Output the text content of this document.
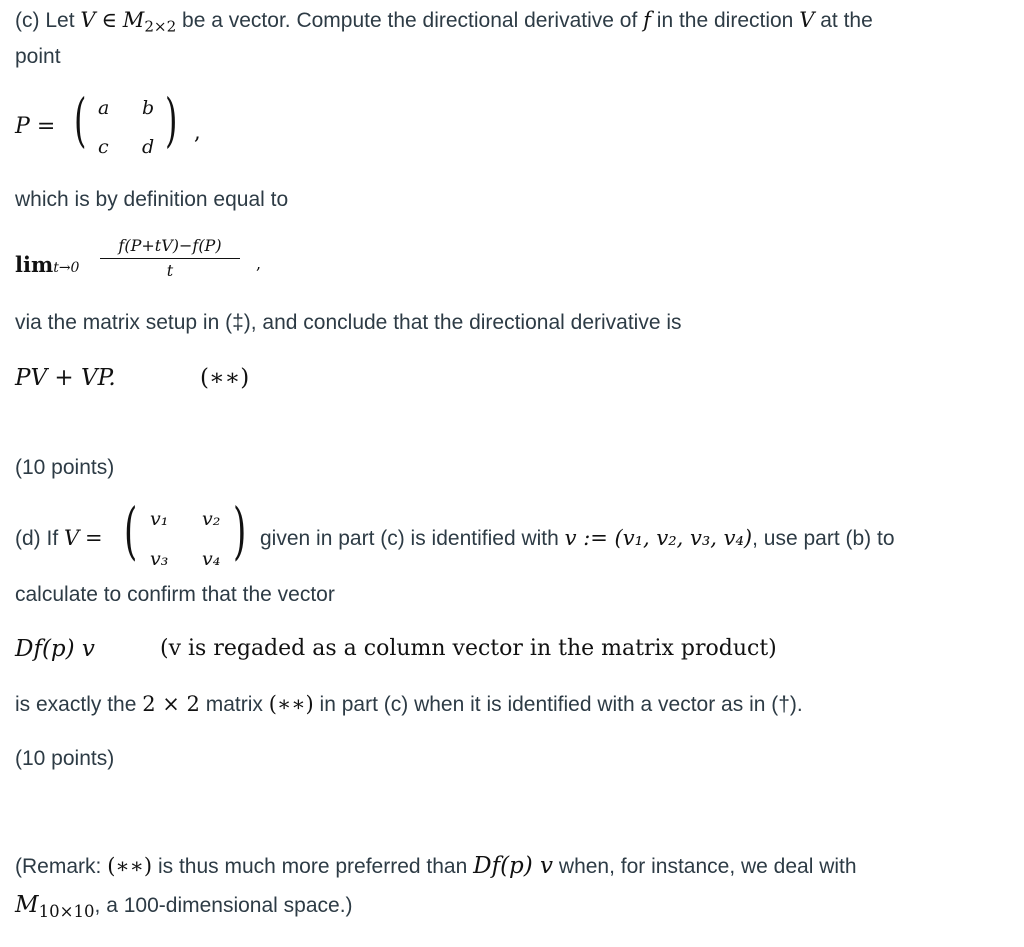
(c) Let V ∈ $M_{2\times 2}$ be a vector. Compute the directional derivative of f in the direction V at the
point
P = ( )
a b
c d
,
which is by definition equal to
limt→0
f(P+tV)−f(P)
t	,
via the matrix setup in (‡), and conclude that the directional derivative is
PV + VP.	(∗∗)
(10 points)
(d) If V = ( )
v₁ v₂
v₃ v₄
given in part (c) is identified with v := (v₁, v₂, v₃, v₄), use part (b) to
calculate to confirm that the vector
Df(p) v	(v is regaded as a column vector in the matrix product)
is exactly the 2 × 2 matrix (∗∗) in part (c) when it is identified with a vector as in (†).
(10 points)
(Remark: (∗∗) is thus much more preferred than Df(p) v when, for instance, we deal with
$M_{10\times 10}$, a 100-dimensional space.)
